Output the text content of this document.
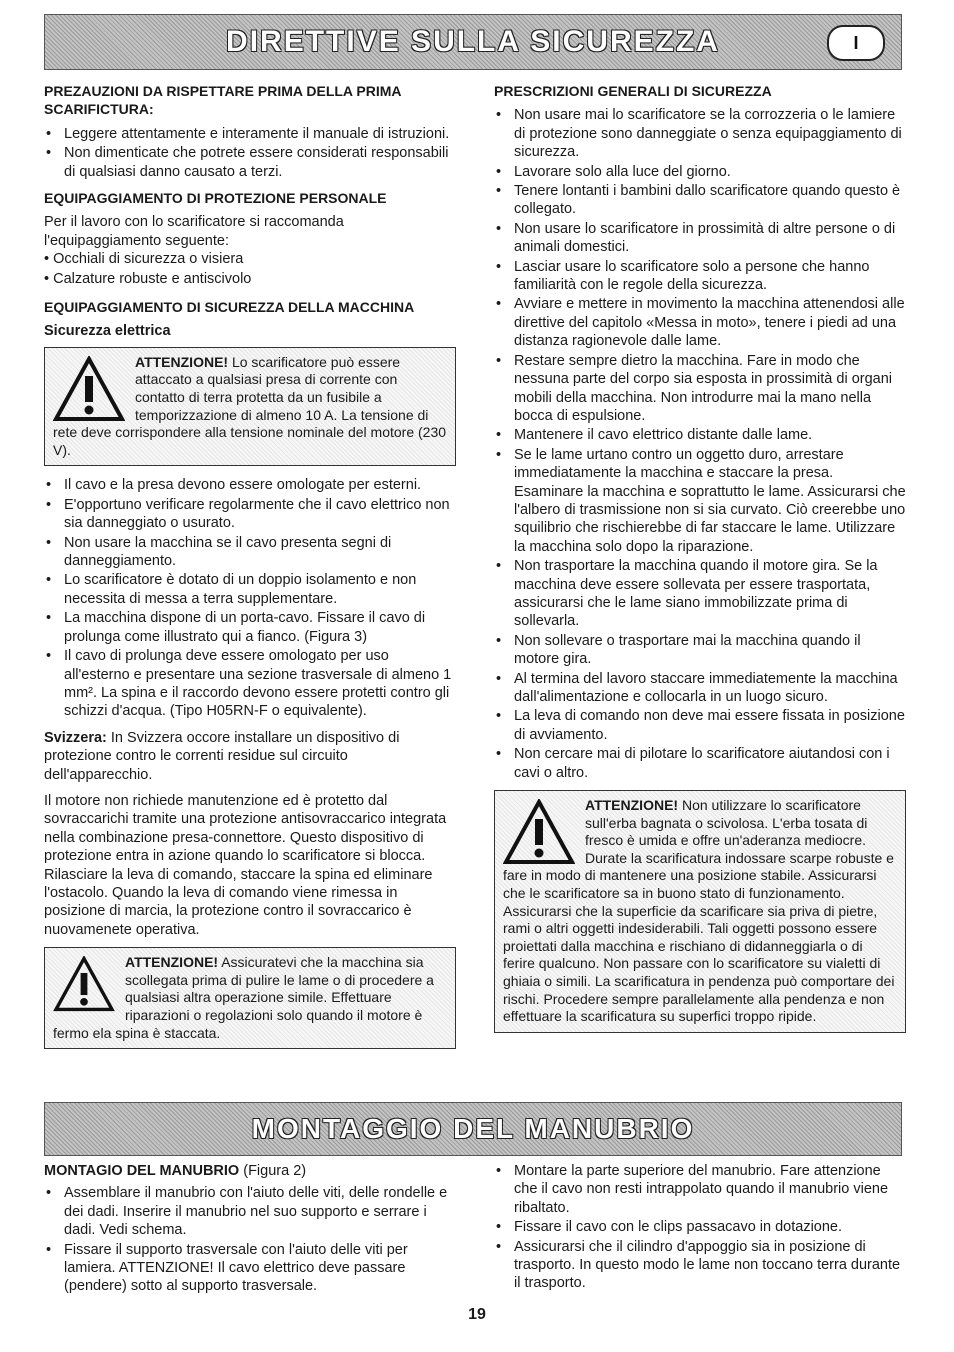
DIRETTIVE SULLA SICUREZZA	I
PREZAUZIONI DA RISPETTARE PRIMA DELLA PRIMA SCARIFICTURA:
• Leggere attentamente e interamente il manuale di istruzioni.
• Non dimenticate che potrete essere considerati responsabili di qualsiasi danno causato a terzi.
EQUIPAGGIAMENTO DI PROTEZIONE PERSONALE

Per il lavoro con lo scarificatore si raccomanda l'equipaggiamento seguente:

• Occhiali di sicurezza o visiera
• Calzature robuste e antiscivolo
EQUIPAGGIAMENTO DI SICUREZZA DELLA MACCHINA
Sicurezza elettrica
ATTENZIONE! Lo scarificatore può essere attaccato a qualsiasi presa di corrente con contatto di terra protetta da un fusibile a temporizzazione di almeno 10 A. La tensione di rete deve corrispondere alla tensione nominale del motore (230 V).
• Il cavo e la presa devono essere omologate per esterni.
• E'opportuno verificare regolarmente che il cavo elettrico non sia danneggiato o usurato.
• Non usare la macchina se il cavo presenta segni di danneggiamento.
• Lo scarificatore è dotato di un doppio isolamento e non necessita di messa a terra supplementare.
• La macchina dispone di un porta-cavo. Fissare il cavo di prolunga come illustrato qui a fianco. (Figura 3)
• Il cavo di prolunga deve essere omologato per uso all'esterno e presentare una sezione trasversale di almeno 1 mm². La spina e il raccordo devono essere protetti contro gli schizzi d'acqua. (Tipo H05RN-F o equivalente).

Svizzera: In Svizzera occore installare un dispositivo di protezione contro le correnti residue sul circuito dell'apparecchio.

Il motore non richiede manutenzione ed è protetto dal sovraccarichi tramite una protezione antisovraccarico integrata nella combinazione presa-connettore. Questo dispositivo di protezione entra in azione quando lo scarificatore si blocca. Rilasciare la leva di comando, staccare la spina ed eliminare l'ostacolo. Quando la leva di comando viene rimessa in posizione di marcia, la protezione contro il sovraccarico è nuovamenete operativa.

ATTENZIONE! Assicuratevi che la macchina sia scollegata prima di pulire le lame o di procedere a qualsiasi altra operazione simile. Effettuare riparazioni o regolazioni solo quando il motore è fermo ela spina è staccata.
PRESCRIZIONI GENERALI DI SICUREZZA
• Non usare mai lo scarificatore se la corrozzeria o le lamiere di protezione sono danneggiate o senza equipaggiamento di sicurezza.
• Lavorare solo alla luce del giorno.
• Tenere lontanti i bambini dallo scarificatore quando questo è collegato.
• Non usare lo scarificatore in prossimità di altre persone o di animali domestici.
• Lasciar usare lo scarificatore solo a persone che hanno familiarità con le regole della sicurezza.
• Avviare e mettere in movimento la macchina attenendosi alle direttive del capitolo «Messa in moto», tenere i piedi ad una distanza ragionevole dalle lame.
• Restare sempre dietro la macchina. Fare in modo che nessuna parte del corpo sia esposta in prossimità di organi mobili della macchina. Non introdurre mai la mano nella bocca di espulsione.
• Mantenere il cavo elettrico distante dalle lame.
• Se le lame urtano contro un oggetto duro, arrestare immediatamente la macchina e staccare la presa. Esaminare la macchina e soprattutto le lame. Assicurarsi che l'albero di trasmissione non si sia curvato. Ciò creerebbe uno squilibrio che rischierebbe di far staccare le lame. Utilizzare la macchina solo dopo la riparazione.
• Non trasportare la macchina quando il motore gira. Se la macchina deve essere sollevata per essere trasportata, assicurarsi che le lame siano immobilizzate prima di sollevarla.
• Non sollevare o trasportare mai la macchina quando il motore gira.
• Al termina del lavoro staccare immediatemente la macchina dall'alimentazione e collocarla in un luogo sicuro.
• La leva di comando non deve mai essere fissata in posizione di avviamento.
• Non cercare mai di pilotare lo scarificatore aiutandosi con i cavi o altro.
ATTENZIONE! Non utilizzare lo scarificatore sull'erba bagnata o scivolosa. L'erba tosata di fresco è umida e offre un'aderanza mediocre. Durate la scarificatura indossare scarpe robuste e fare in modo di mantenere una posizione stabile. Assicurarsi che le scarificatore sa in buono stato di funzionamento. Assicurarsi che la superficie da scarificare sia priva di pietre, rami o altri oggetti indesiderabili. Tali oggetti possono essere proiettati dalla macchina e rischiano di didanneggiarla o di ferire qualcuno. Non passare con lo scarificatore su vialetti di ghiaia o simili. La scarificatura in pendenza può comportare dei rischi. Procedere sempre parallelamente alla pendenza e non effettuare la scarificatura su superfici troppo ripide.
MONTAGGIO DEL MANUBRIO
MONTAGIO DEL MANUBRIO (Figura 2)
• Assemblare il manubrio con l'aiuto delle viti, delle rondelle e dei dadi. Inserire il manubrio nel suo supporto e serrare i dadi. Vedi schema.
• Fissare il supporto trasversale con l'aiuto delle viti per lamiera. ATTENZIONE! Il cavo elettrico deve passare (pendere) sotto al supporto trasversale.
• Montare la parte superiore del manubrio. Fare attenzione che il cavo non resti intrappolato quando il manubrio viene ribaltato.
• Fissare il cavo con le clips passacavo in dotazione.
• Assicurarsi che il cilindro d'appoggio sia in posizione di trasporto. In questo modo le lame non toccano terra durante il trasporto.
19
